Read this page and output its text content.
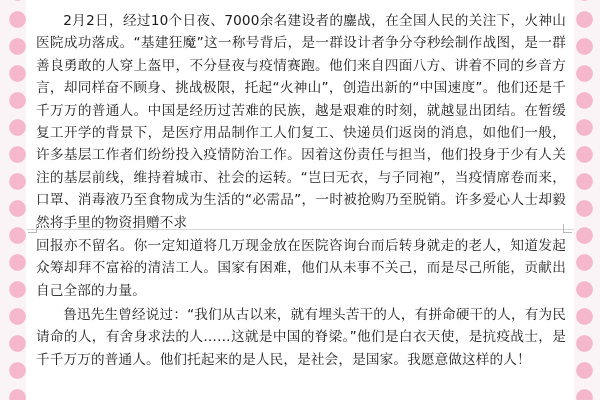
2月2日，经过10个日夜、7000余名建设者的鏖战，在全国人民的关注下，火神山医院成功落成。“基建狂魔”这一称号背后，是一群设计者争分夺秒绘制作战图，是一群善良勇敢的人穿上盔甲，不分昼夜与疫情赛跑。他们来自四面八方、讲着不同的乡音方言，却同样奋不顾身、挑战极限，托起“火神山”，创造出新的“中国速度”。他们还是千千万万的普通人。中国是经历过苦难的民族，越是艰难的时刻，就越显出团结。在暂缓复工开学的背景下，是医疗用品制作工人们复工、快递员们返岗的消息，如他们一般，许多基层工作者们纷纷投入疫情防治工作。因着这份责任与担当，他们投身于少有人关注的基层前线，维持着城市、社会的运转。“岂曰无衣，与子同袍”，当疫情席卷而来，口罩、消毒液乃至食物成为生活的“必需品”，一时被抢购乃至脱销。许多爱心人士却毅然将手里的物资捐赠不求

回报亦不留名。你一定知道将几万现金放在医院咨询台而后转身就走的老人，知道发起众筹却拜不富裕的清洁工人。国家有困难，他们从未事不关己，而是尽己所能，贡献出自己全部的力量。

鲁迅先生曾经说过：“我们从古以来，就有埋头苦干的人，有拼命硬干的人，有为民请命的人，有舍身求法的人……这就是中国的脊梁。”他们是白衣天使，是抗疫战士，是千千万万的普通人。他们托起来的是人民，是社会，是国家。我愿意做这样的人！
